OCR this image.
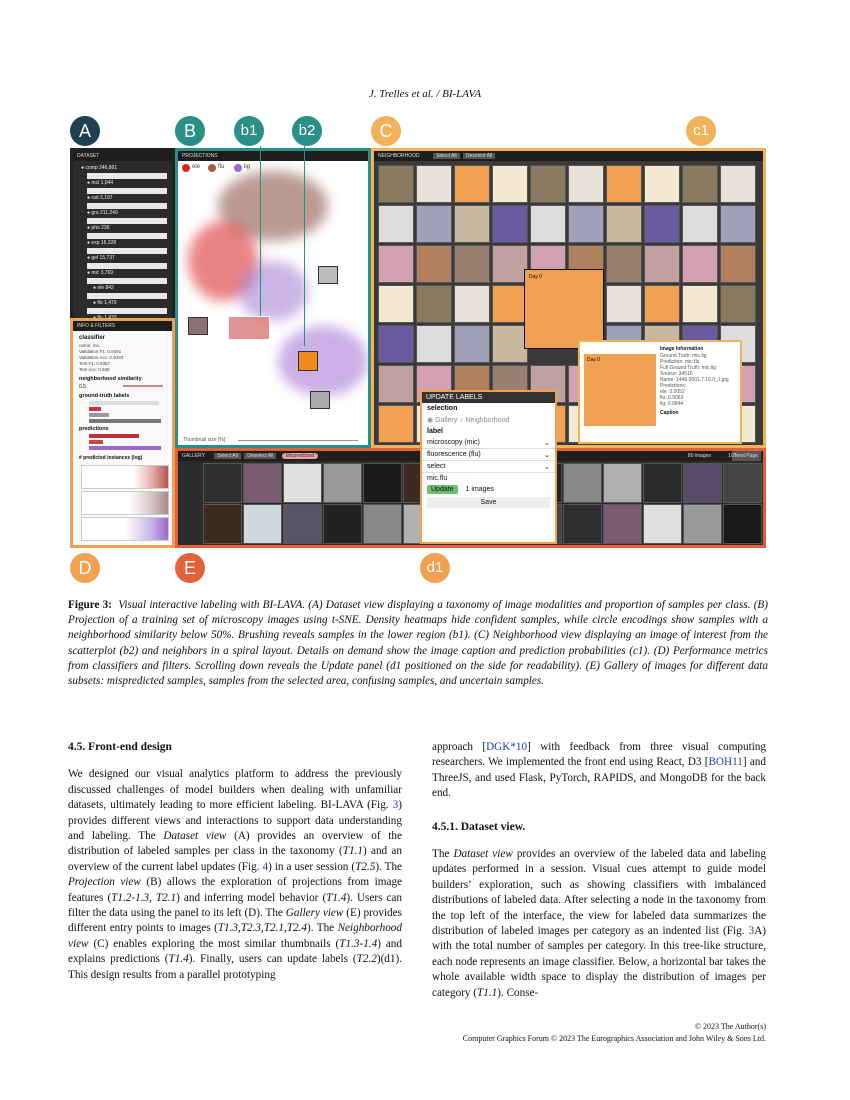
J. Trelles et al. / BI-LAVA
DATASET
● comp 246,861
● mcl 1,044
● rad 3,197
● gra 211,249
● pho 236
● exp 16,328
● gel 15,737
● mic 3,769
● ele 842
● flo 1,479
INFO & FILTERS
classifier
name: mic
Validation F1: 0.9491
Validation Acc: 0.9433
Test F1: 0.9367
Test Acc: 0.936
neighborhood similarity
0.5
ground-truth labels
predictions
# predicted instances (log)
PROJECTIONS
ele	flu	lig
Thumbnail size [%]
NEIGHBORHOOD	Select All Deselect All
Day 0
Day 0
Image Information
Ground Truth: mic.lig
Prediction: mic.flu
Full Ground Truth: mic.lig
Source: 34516
Name: 1446.0001.7.16.0_1.jpg
Predictions:
ele: 0.0052
flu: 0.9063
lig: 0.0844
Caption
GALLERY Select All Deselect All Mispredicted	80 images	Next Page
1/2
UPDATE LABELS
selection
◉ Gallery ○ Neighborhood
label
microscopy (mic)	⌄
fluorescence (flu)	⌄
select	⌄
mic.flu
Update 1 images
Save
A	B	b1	b2	C	c1
D	E	d1
Figure 3: Visual interactive labeling with BI-LAVA. (A) Dataset view displaying a taxonomy of image modalities and proportion of samples per class. (B) Projection of a training set of microscopy images using t-SNE. Density heatmaps hide confident samples, while circle encodings show samples with a neighborhood similarity below 50%. Brushing reveals samples in the lower region (b1). (C) Neighborhood view displaying an image of interest from the scatterplot (b2) and neighbors in a spiral layout. Details on demand show the image caption and prediction probabilities (c1). (D) Performance metrics from classifiers and filters. Scrolling down reveals the Update panel (d1 positioned on the side for readability). (E) Gallery of images for different data subsets: mispredicted samples, samples from the selected area, confusing samples, and uncertain samples.
4.5. Front-end design
We designed our visual analytics platform to address the previously discussed challenges of model builders when dealing with unfamiliar datasets, ultimately leading to more efficient labeling. BI-LAVA (Fig. 3) provides different views and interactions to support data understanding and labeling. The Dataset view (A) provides an overview of the distribution of labeled samples per class in the taxonomy (T1.1) and an overview of the current label updates (Fig. 4) in a user session (T2.5). The Projection view (B) allows the exploration of projections from image features (T1.2-1.3, T2.1) and inferring model behavior (T1.4). Users can filter the data using the panel to its left (D). The Gallery view (E) provides different entry points to images (T1.3,T2.3,T2.1,T2.4). The Neighborhood view (C) enables exploring the most similar thumbnails (T1.3-1.4) and explains predictions (T1.4). Finally, users can update labels (T2.2)(d1). This design results from a parallel prototyping
approach [DGK*10] with feedback from three visual computing researchers. We implemented the front end using React, D3 [BOH11] and ThreeJS, and used Flask, PyTorch, RAPIDS, and MongoDB for the back end.
4.5.1. Dataset view.
The Dataset view provides an overview of the labeled data and labeling updates performed in a session. Visual cues attempt to guide model builders’ exploration, such as showing classifiers with imbalanced distributions of labeled data. After selecting a node in the taxonomy from the top left of the interface, the view for labeled data summarizes the distribution of labeled images per category as an indented list (Fig. 3A) with the total number of samples per category. In this tree-like structure, each node represents an image classifier. Below, a horizontal bar takes the whole available width space to display the distribution of images per category (T1.1). Conse-
© 2023 The Author(s)
Computer Graphics Forum © 2023 The Eurographics Association and John Wiley & Sons Ltd.
